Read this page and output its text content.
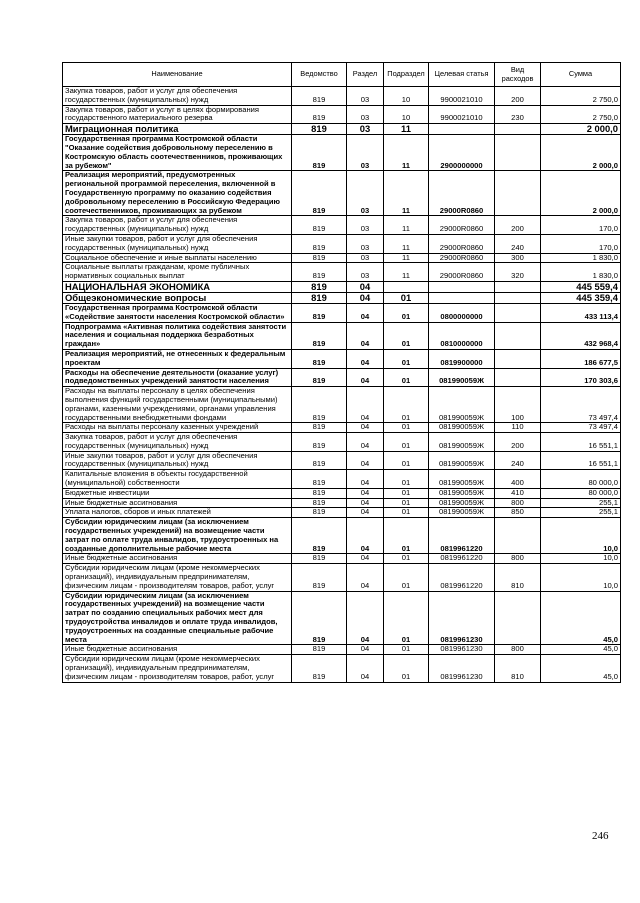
Наименование	Ведомство	Раздел	Подраздел	Целевая статья	Вид расходов	Сумма
Закупка товаров, работ и услуг для обеспечения государственных (муниципальных) нужд	819	03	10	9900021010	200	2 750,0
Закупка товаров, работ и услуг в целях формирования государственного материального резерва	819	03	10	9900021010	230	2 750,0
Миграционная политика	819	03	11			2 000,0
Государственная программа Костромской области "Оказание содействия добровольному переселению в Костромскую область соотечественников, проживающих за рубежом"	819	03	11	2900000000		2 000,0
Реализация мероприятий, предусмотренных региональной программой переселения, включенной в Государственную программу по оказанию содействия добровольному переселению в Российскую Федерацию соотечественников, проживающих за рубежом	819	03	11	29000R0860		2 000,0
Закупка товаров, работ и услуг для обеспечения государственных (муниципальных) нужд	819	03	11	29000R0860	200	170,0
Иные закупки товаров, работ и услуг для обеспечения государственных (муниципальных) нужд	819	03	11	29000R0860	240	170,0
Социальное обеспечение и иные выплаты населению	819	03	11	29000R0860	300	1 830,0
Социальные выплаты гражданам, кроме публичных нормативных социальных выплат	819	03	11	29000R0860	320	1 830,0
НАЦИОНАЛЬНАЯ ЭКОНОМИКА	819	04				445 559,4
Общеэкономические вопросы	819	04	01			445 359,4
Государственная программа Костромской области «Содействие занятости населения Костромской области»	819	04	01	0800000000		433 113,4
Подпрограмма «Активная политика содействия занятости населения и социальная поддержка безработных граждан»	819	04	01	0810000000		432 968,4
Реализация мероприятий, не отнесенных к федеральным проектам	819	04	01	0819900000		186 677,5
Расходы на обеспечение деятельности (оказание услуг) подведомственных учреждений занятости населения	819	04	01	081990059Ж		170 303,6
Расходы на выплаты персоналу в целях обеспечения выполнения функций государственными (муниципальными) органами, казенными учреждениями, органами управления государственными внебюджетными фондами	819	04	01	081990059Ж	100	73 497,4
Расходы на выплаты персоналу казенных учреждений	819	04	01	081990059Ж	110	73 497,4
Закупка товаров, работ и услуг для обеспечения государственных (муниципальных) нужд	819	04	01	081990059Ж	200	16 551,1
Иные закупки товаров, работ и услуг для обеспечения государственных (муниципальных) нужд	819	04	01	081990059Ж	240	16 551,1
Капитальные вложения в объекты государственной (муниципальной) собственности	819	04	01	081990059Ж	400	80 000,0
Бюджетные инвестиции	819	04	01	081990059Ж	410	80 000,0
Иные бюджетные ассигнования	819	04	01	081990059Ж	800	255,1
Уплата налогов, сборов и иных платежей	819	04	01	081990059Ж	850	255,1
Субсидии юридическим лицам (за исключением государственных учреждений) на возмещение части затрат по оплате труда инвалидов, трудоустроенных на созданные дополнительные рабочие места	819	04	01	0819961220		10,0
Иные бюджетные ассигнования	819	04	01	0819961220	800	10,0
Субсидии юридическим лицам (кроме некоммерческих организаций), индивидуальным предпринимателям, физическим лицам - производителям товаров, работ, услуг	819	04	01	0819961220	810	10,0
Субсидии юридическим лицам (за исключением государственных учреждений) на возмещение части затрат по созданию специальных рабочих мест для трудоустройства инвалидов и оплате труда инвалидов, трудоустроенных на созданные специальные рабочие места	819	04	01	0819961230		45,0
Иные бюджетные ассигнования	819	04	01	0819961230	800	45,0
Субсидии юридическим лицам (кроме некоммерческих организаций), индивидуальным предпринимателям, физическим лицам - производителям товаров, работ, услуг	819	04	01	0819961230	810	45,0
246
